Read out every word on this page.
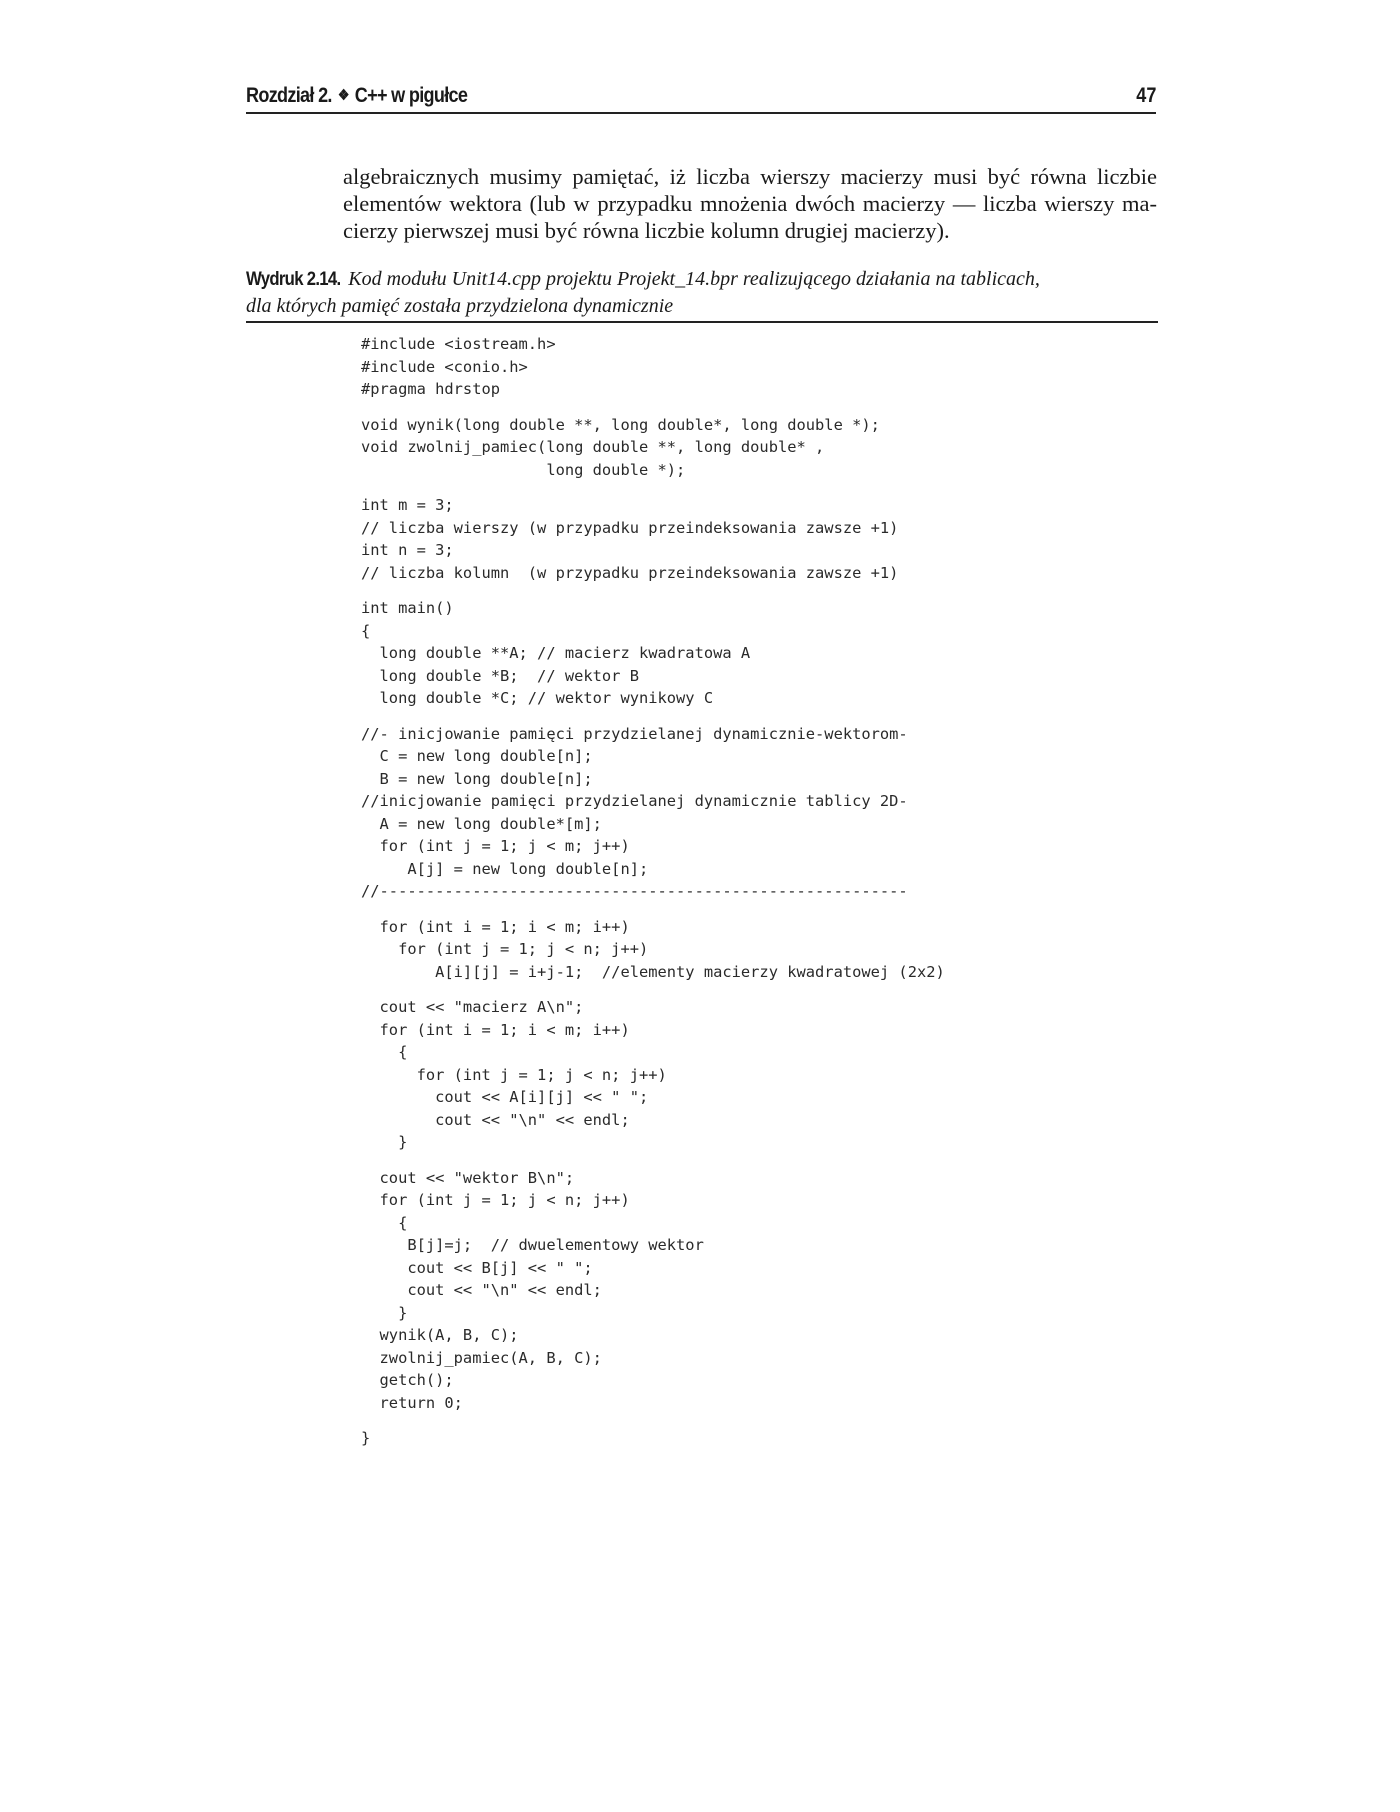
Rozdział 2. ❖ C++ w pigułce	47
algebraicznych musimy pamiętać, iż liczba wierszy macierzy musi być równa liczbie
elementów wektora (lub w przypadku mnożenia dwóch macierzy — liczba wierszy ma-
cierzy pierwszej musi być równa liczbie kolumn drugiej macierzy).
Wydruk 2.14. Kod modułu Unit14.cpp projektu Projekt_14.bpr realizującego działania na tablicach,
dla których pamięć została przydzielona dynamicznie
#include <iostream.h>
#include <conio.h>
#pragma hdrstop
void wynik(long double **, long double*, long double *);
void zwolnij_pamiec(long double **, long double* ,
long double *);
int m = 3;
// liczba wierszy (w przypadku przeindeksowania zawsze +1)
int n = 3;
// liczba kolumn  (w przypadku przeindeksowania zawsze +1)
int main()
{
long double **A; // macierz kwadratowa A
long double *B;  // wektor B
long double *C; // wektor wynikowy C
//- inicjowanie pamięci przydzielanej dynamicznie-wektorom-
C = new long double[n];
B = new long double[n];
//inicjowanie pamięci przydzielanej dynamicznie tablicy 2D-
A = new long double*[m];
for (int j = 1; j < m; j++)
A[j] = new long double[n];
//---------------------------------------------------------
for (int i = 1; i < m; i++)
for (int j = 1; j < n; j++)
A[i][j] = i+j-1;  //elementy macierzy kwadratowej (2x2)
cout << "macierz A\n";
for (int i = 1; i < m; i++)
{
for (int j = 1; j < n; j++)
cout << A[i][j] << " ";
cout << "\n" << endl;
}
cout << "wektor B\n";
for (int j = 1; j < n; j++)
{
B[j]=j;  // dwuelementowy wektor
cout << B[j] << " ";
cout << "\n" << endl;
}
wynik(A, B, C);
zwolnij_pamiec(A, B, C);
getch();
return 0;
}
